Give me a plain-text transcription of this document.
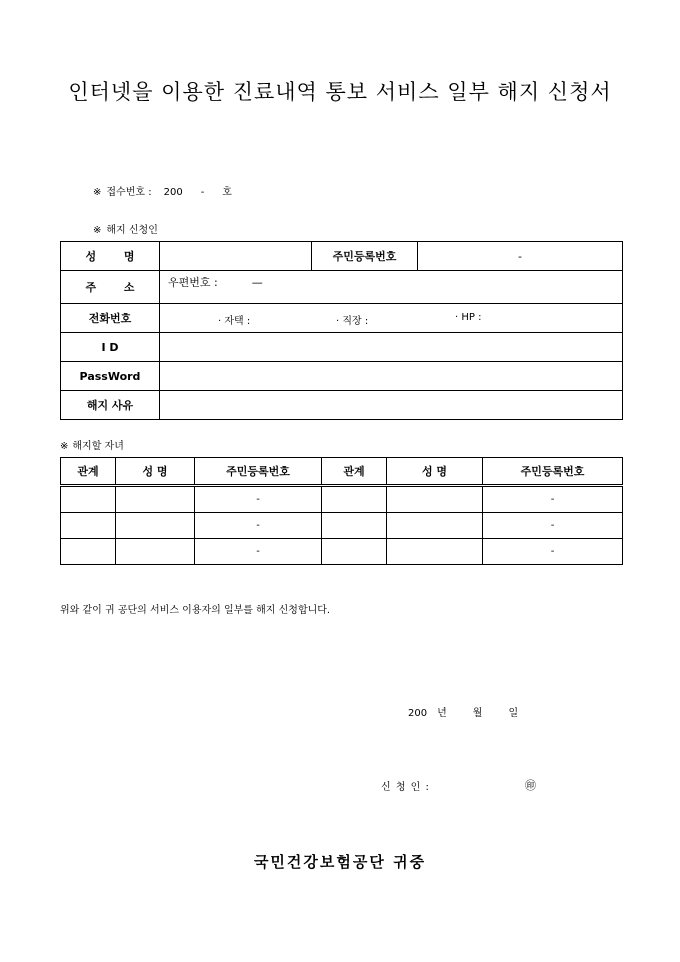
인터넷을 이용한 진료내역 통보 서비스 일부 해지 신청서
※ 접수번호 : 200 - 호
※ 해지 신청인
성 명		주민등록번호	-
주 소	우편번호 : —		
전화번호	· 자택 : · 직장 : · HP :		

I D			
PassWord			
해지 사유			
※ 해지할 자녀
관계	성 명	주민등록번호	관계	성 명	주민등록번호
		-			-
		-			-
		-			-
위와 같이 귀 공단의 서비스 이용자의 일부를 해지 신청합니다.
200 년	월	일
신 청 인 :	㊞
국민건강보험공단 귀중
